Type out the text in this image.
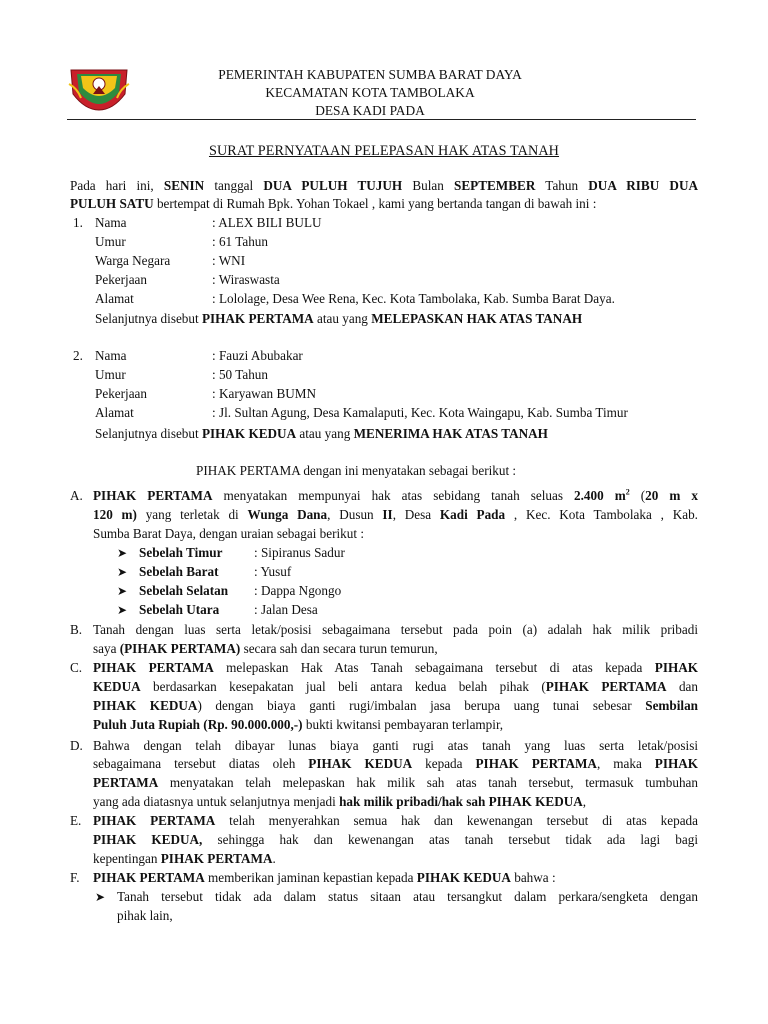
PEMERINTAH KABUPATEN SUMBA BARAT DAYA
KECAMATAN KOTA TAMBOLAKA
DESA KADI PADA
SURAT PERNYATAAN PELEPASAN HAK ATAS TANAH
Pada hari ini, SENIN tanggal DUA PULUH TUJUH Bulan SEPTEMBER Tahun DUA RIBU DUA
PULUH SATU bertempat di Rumah Bpk. Yohan Tokael , kami yang bertanda tangan di bawah ini :
1. Nama	: ALEX BILI BULU
Umur	: 61 Tahun
Warga Negara	: WNI
Pekerjaan	: Wiraswasta
Alamat	: Lololage, Desa Wee Rena, Kec. Kota Tambolaka, Kab. Sumba Barat Daya.
Selanjutnya disebut PIHAK PERTAMA atau yang MELEPASKAN HAK ATAS TANAH
2. Nama	: Fauzi Abubakar
Umur	: 50 Tahun
Pekerjaan	: Karyawan BUMN
Alamat	: Jl. Sultan Agung, Desa Kamalaputi, Kec. Kota Waingapu, Kab. Sumba Timur
Selanjutnya disebut PIHAK KEDUA atau yang MENERIMA HAK ATAS TANAH
PIHAK PERTAMA dengan ini menyatakan sebagai berikut :
A. PIHAK PERTAMA menyatakan mempunyai hak atas sebidang tanah seluas 2.400 $m^2$ (20 m x
120 m) yang terletak di Wunga Dana, Dusun II, Desa Kadi Pada , Kec. Kota Tambolaka , Kab.
Sumba Barat Daya, dengan uraian sebagai berikut :
➤ Sebelah Timur : Sipiranus Sadur
➤ Sebelah Barat	: Yusuf
➤ Sebelah Selatan : Dappa Ngongo
➤ Sebelah Utara	: Jalan Desa
B. Tanah dengan luas serta letak/posisi sebagaimana tersebut pada poin (a) adalah hak milik pribadi
saya (PIHAK PERTAMA) secara sah dan secara turun temurun,
C. PIHAK PERTAMA melepaskan Hak Atas Tanah sebagaimana tersebut di atas kepada PIHAK
KEDUA berdasarkan kesepakatan jual beli antara kedua belah pihak (PIHAK PERTAMA dan
PIHAK KEDUA) dengan biaya ganti rugi/imbalan jasa berupa uang tunai sebesar Sembilan
Puluh Juta Rupiah (Rp. 90.000.000,-) bukti kwitansi pembayaran terlampir,
D. Bahwa dengan telah dibayar lunas biaya ganti rugi atas tanah yang luas serta letak/posisi
sebagaimana tersebut diatas oleh PIHAK KEDUA kepada PIHAK PERTAMA, maka PIHAK
PERTAMA menyatakan telah melepaskan hak milik sah atas tanah tersebut, termasuk tumbuhan
yang ada diatasnya untuk selanjutnya menjadi hak milik pribadi/hak sah PIHAK KEDUA,
E. PIHAK PERTAMA telah menyerahkan semua hak dan kewenangan tersebut di atas kepada
PIHAK KEDUA, sehingga hak dan kewenangan atas tanah tersebut tidak ada lagi bagi
kepentingan PIHAK PERTAMA.
F. PIHAK PERTAMA memberikan jaminan kepastian kepada PIHAK KEDUA bahwa :
➤ Tanah tersebut tidak ada dalam status sitaan atau tersangkut dalam perkara/sengketa dengan
pihak lain,
